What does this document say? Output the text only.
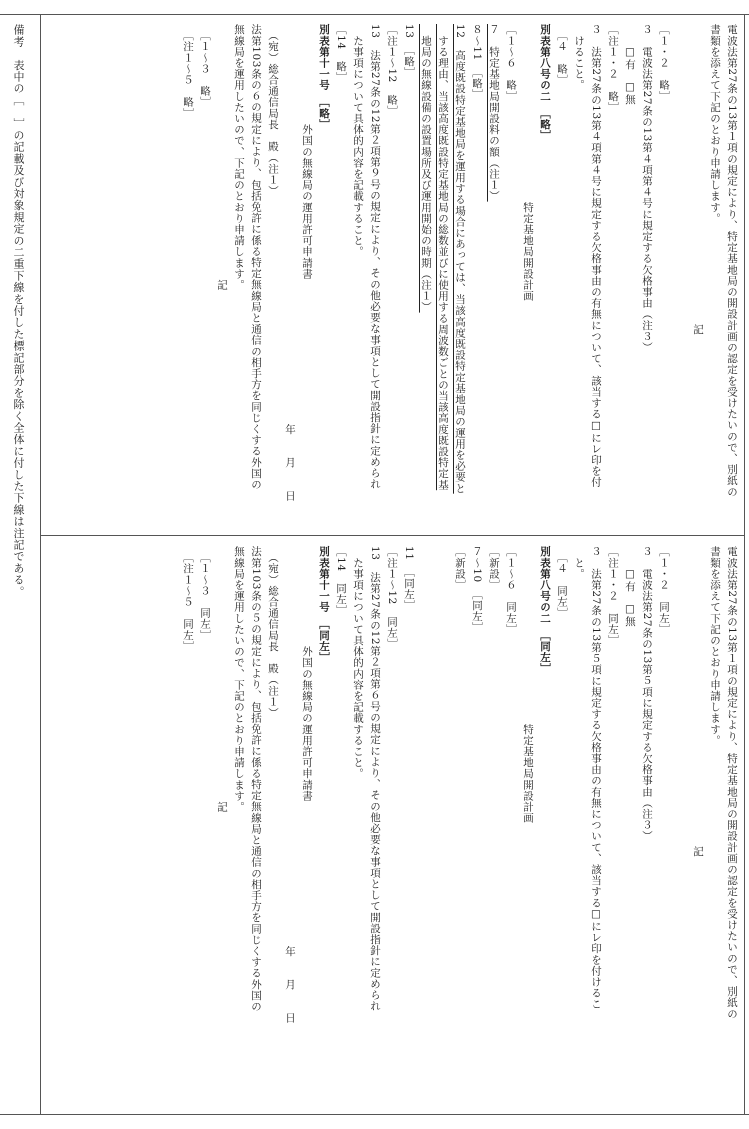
備考　表中の［　］の記載及び対象規定の二重下線を付した標記部分を除く全体に付した下線は注記である。	電波法第27条の13第１項の規定により、特定基地局の開設計画の認定を受けたいので、別紙の
書類を添えて下記のとおり申請します。
　　　　　　　　　　　　　　　　　　　　　　　　　　　記

［１・２　略］
３　電波法第27条の13第４項第４号に規定する欠格事由（注３）
　　□有　□無
［注１・２　略］
３　法第27条の13第４項第４号に規定する欠格事由の有無について、該当する□にレ印を付
　けること。
　［４　略］
別表第八号の二　［略］
　　　　　　　　　　　　　　　　特定基地局開設計画
［１～６　略］
７　特定基地局開設料の額（注１）
８～11　［略］
12　高度既設特定基地局を運用する場合にあっては、当該高度既設特定基地局の運用を必要と
　する理由、当該高度既設特定基地局の総数並びに使用する周波数ごとの当該高度既設特定基
　地局の無線設備の設置場所及び運用開始の時期（注１）
13　［略］
［注１～12　略］
13　法第27条の12第２項第９号の規定により、その他必要な事項として開設指針に定められ
　た事項について具体的内容を記載すること。
［14　略］
別表第十一号　［略］
　　　　　　　　　外国の無線局の運用許可申請書
　　　　　　　　　　　　　　　　　　　　　　　　　　　　　　　　　　　　年　　月　　日
　（宛）総合通信局長　殿（注１）
法第103条の６の規定により、包括免許に係る特定無線局と通信の相手方を同じくする外国の
無線局を運用したいので、下記のとおり申請します。
　　　　　　　　　　　　　　　　　　　　　　　記
　［１～３　略］
　［注１～５　略］
電波法第27条の13第１項の規定により、特定基地局の開設計画の認定を受けたいので、別紙の
書類を添えて下記のとおり申請します。
　　　　　　　　　　　　　　　　　　　　　　　　　　　記

［１・２　同左］
３　電波法第27条の13第５項に規定する欠格事由（注３）
　　□有　□無
［注１・２　同左］
３　法第27条の13第５項に規定する欠格事由の有無について、該当する□にレ印を付けるこ
　と。
　［４　同左］
別表第八号の二　［同左］
　　　　　　　　　　　　　　　　特定基地局開設計画
［１～６　同左］
［新設］
７～10　［同左］
［新設］

11　［同左］
［注１～12　同左］
13　法第27条の12第２項第６号の規定により、その他必要な事項として開設指針に定められ
　た事項について具体的内容を記載すること。
［14　同左］
別表第十一号　［同左］
　　　　　　　　　外国の無線局の運用許可申請書
　　　　　　　　　　　　　　　　　　　　　　　　　　　　　　　　　　　　年　　月　　日
　（宛）総合通信局長　殿（注１）
法第103条の５の規定により、包括免許に係る特定無線局と通信の相手方を同じくする外国の
無線局を運用したいので、下記のとおり申請します。
　　　　　　　　　　　　　　　　　　　　　　　記
　［１～３　同左］
　［注１～５　同左］
